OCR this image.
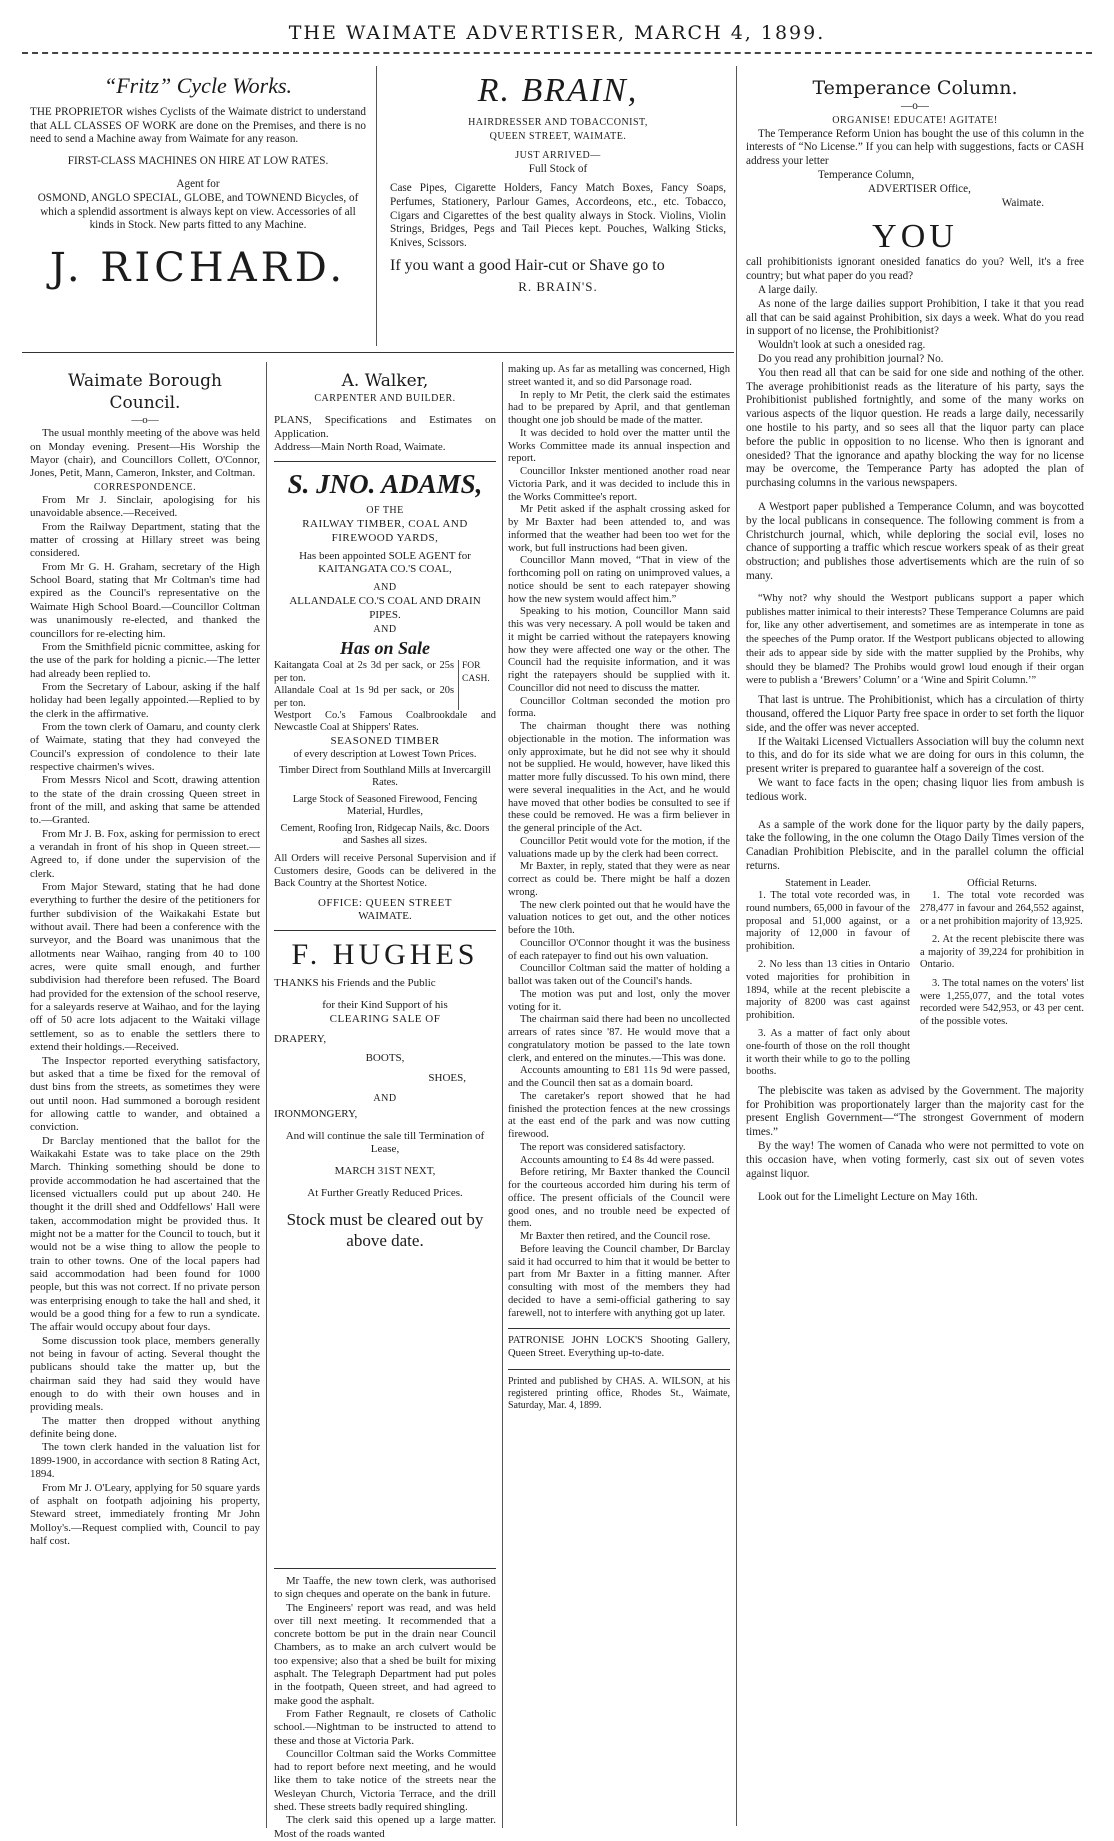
THE WAIMATE ADVERTISER, MARCH 4, 1899.
“Fritz” Cycle Works.

THE PROPRIETOR wishes Cyclists of the Waimate district to understand that ALL CLASSES OF WORK are done on the Premises, and there is no need to send a Machine away from Waimate for any reason.

FIRST-CLASS MACHINES ON HIRE AT LOW RATES.

Agent for

OSMOND, ANGLO SPECIAL, GLOBE, and TOWNEND Bicycles, of which a splendid assortment is always kept on view. Accessories of all kinds in Stock. New parts fitted to any Machine.

J. RICHARD.
R. BRAIN,

HAIRDRESSER AND TOBACCONIST,

QUEEN STREET, WAIMATE.

JUST ARRIVED—

Full Stock of

Case Pipes, Cigarette Holders, Fancy Match Boxes, Fancy Soaps, Perfumes, Stationery, Parlour Games, Accordeons, etc., etc. Tobacco, Cigars and Cigarettes of the best quality always in Stock. Violins, Violin Strings, Bridges, Pegs and Tail Pieces kept. Pouches, Walking Sticks, Knives, Scissors.

If you want a good Hair-cut or Shave go to

R. BRAIN'S.

Temperance Column.
—o—

ORGANISE! EDUCATE! AGITATE!

The Temperance Reform Union has bought the use of this column in the interests of “No License.” If you can help with suggestions, facts or CASH address your letter

Temperance Column,

ADVERTISER Office,

Waimate.

YOU

call prohibitionists ignorant onesided fanatics do you? Well, it's a free country; but what paper do you read?

A large daily.

As none of the large dailies support Prohibition, I take it that you read all that can be said against Prohibition, six days a week. What do you read in support of no license, the Prohibitionist?

Wouldn't look at such a onesided rag.

Do you read any prohibition journal? No.

You then read all that can be said for one side and nothing of the other. The average prohibitionist reads as the literature of his party, says the Prohibitionist published fortnightly, and some of the many works on various aspects of the liquor question. He reads a large daily, necessarily one hostile to his party, and so sees all that the liquor party can place before the public in opposition to no license. Who then is ignorant and onesided? That the ignorance and apathy blocking the way for no license may be overcome, the Temperance Party has adopted the plan of purchasing columns in the various newspapers.

A Westport paper published a Temperance Column, and was boycotted by the local publicans in consequence. The following comment is from a Christchurch journal, which, while deploring the social evil, loses no chance of supporting a traffic which rescue workers speak of as their great obstruction; and publishes those advertisements which are the ruin of so many.

“Why not? why should the Westport publicans support a paper which publishes matter inimical to their interests? These Temperance Columns are paid for, like any other advertisement, and sometimes are as intemperate in tone as the speeches of the Pump orator. If the Westport publicans objected to allowing their ads to appear side by side with the matter supplied by the Prohibs, why should they be blamed? The Prohibs would growl loud enough if their organ were to publish a ‘Brewers’ Column’ or a ‘Wine and Spirit Column.’”

That last is untrue. The Prohibitionist, which has a circulation of thirty thousand, offered the Liquor Party free space in order to set forth the liquor side, and the offer was never accepted.

If the Waitaki Licensed Victuallers Association will buy the column next to this, and do for its side what we are doing for ours in this column, the present writer is prepared to guarantee half a sovereign of the cost.

We want to face facts in the open; chasing liquor lies from ambush is tedious work.

As a sample of the work done for the liquor party by the daily papers, take the following, in the one column the Otago Daily Times version of the Canadian Prohibition Plebiscite, and in the parallel column the official returns.

Statement in Leader.

1. The total vote recorded was, in round numbers, 65,000 in favour of the proposal and 51,000 against, or a majority of 12,000 in favour of prohibition.

2. No less than 13 cities in Ontario voted majorities for prohibition in 1894, while at the recent plebiscite a majority of 8200 was cast against prohibition.

3. As a matter of fact only about one-fourth of those on the roll thought it worth their while to go to the polling booths.

Official Returns.

1. The total vote recorded was 278,477 in favour and 264,552 against, or a net prohibition majority of 13,925.

2. At the recent plebiscite there was a majority of 39,224 for prohibition in Ontario.

3. The total names on the voters' list were 1,255,077, and the total votes recorded were 542,953, or 43 per cent. of the possible votes.

The plebiscite was taken as advised by the Government. The majority for Prohibition was proportionately larger than the majority cast for the present English Government—“The strongest Government of modern times.”

By the way! The women of Canada who were not permitted to vote on this occasion have, when voting formerly, cast six out of seven votes against liquor.

Look out for the Limelight Lecture on May 16th.

Waimate Borough Council.
—o—

The usual monthly meeting of the above was held on Monday evening. Present—His Worship the Mayor (chair), and Councillors Collett, O'Connor, Jones, Petit, Mann, Cameron, Inkster, and Coltman.

CORRESPONDENCE.

From Mr J. Sinclair, apologising for his unavoidable absence.—Received.

From the Railway Department, stating that the matter of crossing at Hillary street was being considered.

From Mr G. H. Graham, secretary of the High School Board, stating that Mr Coltman's time had expired as the Council's representative on the Waimate High School Board.—Councillor Coltman was unanimously re-elected, and thanked the councillors for re-electing him.

From the Smithfield picnic committee, asking for the use of the park for holding a picnic.—The letter had already been replied to.

From the Secretary of Labour, asking if the half holiday had been legally appointed.—Replied to by the clerk in the affirmative.

From the town clerk of Oamaru, and county clerk of Waimate, stating that they had conveyed the Council's expression of condolence to their late respective chairmen's wives.

From Messrs Nicol and Scott, drawing attention to the state of the drain crossing Queen street in front of the mill, and asking that same be attended to.—Granted.

From Mr J. B. Fox, asking for permission to erect a verandah in front of his shop in Queen street.—Agreed to, if done under the supervision of the clerk.

From Major Steward, stating that he had done everything to further the desire of the petitioners for further subdivision of the Waikakahi Estate but without avail. There had been a conference with the surveyor, and the Board was unanimous that the allotments near Waihao, ranging from 40 to 100 acres, were quite small enough, and further subdivision had therefore been refused. The Board had provided for the extension of the school reserve, for a saleyards reserve at Waihao, and for the laying off of 50 acre lots adjacent to the Waitaki village settlement, so as to enable the settlers there to extend their holdings.—Received.

The Inspector reported everything satisfactory, but asked that a time be fixed for the removal of dust bins from the streets, as sometimes they were out until noon. Had summoned a borough resident for allowing cattle to wander, and obtained a conviction.

Dr Barclay mentioned that the ballot for the Waikakahi Estate was to take place on the 29th March. Thinking something should be done to provide accommodation he had ascertained that the licensed victuallers could put up about 240. He thought it the drill shed and Oddfellows' Hall were taken, accommodation might be provided thus. It might not be a matter for the Council to touch, but it would not be a wise thing to allow the people to train to other towns. One of the local papers had said accommodation had been found for 1000 people, but this was not correct. If no private person was enterprising enough to take the hall and shed, it would be a good thing for a few to run a syndicate. The affair would occupy about four days.

Some discussion took place, members generally not being in favour of acting. Several thought the publicans should take the matter up, but the chairman said they had said they would have enough to do with their own houses and in providing meals.

The matter then dropped without anything definite being done.

The town clerk handed in the valuation list for 1899-1900, in accordance with section 8 Rating Act, 1894.

From Mr J. O'Leary, applying for 50 square yards of asphalt on footpath adjoining his property, Steward street, immediately fronting Mr John Molloy's.—Request complied with, Council to pay half cost.

A. Walker,

CARPENTER AND BUILDER.

PLANS, Specifications and Estimates on Application.

Address—Main North Road, Waimate.

S. JNO. ADAMS,

OF THE

RAILWAY TIMBER, COAL AND FIREWOOD YARDS,

Has been appointed SOLE AGENT for KAITANGATA CO.'S COAL,

AND

ALLANDALE CO.'S COAL AND DRAIN PIPES.

AND

Has on Sale

Kaitangata Coal at 2s 3d per sack, or 25s per ton.

Allandale Coal at 1s 9d per sack, or 20s per ton.

FOR CASH.

Westport Co.'s Famous Coalbrookdale and Newcastle Coal at Shippers' Rates.

SEASONED TIMBER

of every description at Lowest Town Prices.

Timber Direct from Southland Mills at Invercargill Rates.

Large Stock of Seasoned Firewood, Fencing Material, Hurdles,

Cement, Roofing Iron, Ridgecap Nails, &c. Doors and Sashes all sizes.

All Orders will receive Personal Supervision and if Customers desire, Goods can be delivered in the Back Country at the Shortest Notice.

OFFICE: QUEEN STREET

WAIMATE.

F. HUGHES

THANKS his Friends and the Public

for their Kind Support of his

CLEARING SALE OF

DRAPERY,

BOOTS,

SHOES,

AND

IRONMONGERY,

And will continue the sale till Termination of Lease,

MARCH 31ST NEXT,

At Further Greatly Reduced Prices.

Stock must be cleared out by above date.

Mr Taaffe, the new town clerk, was authorised to sign cheques and operate on the bank in future.

The Engineers' report was read, and was held over till next meeting. It recommended that a concrete bottom be put in the drain near Council Chambers, as to make an arch culvert would be too expensive; also that a shed be built for mixing asphalt. The Telegraph Department had put poles in the footpath, Queen street, and had agreed to make good the asphalt.

From Father Regnault, re closets of Catholic school.—Nightman to be instructed to attend to these and those at Victoria Park.

Councillor Coltman said the Works Committee had to report before next meeting, and he would like them to take notice of the streets near the Wesleyan Church, Victoria Terrace, and the drill shed. These streets badly required shingling.

The clerk said this opened up a large matter. Most of the roads wanted

making up. As far as metalling was concerned, High street wanted it, and so did Parsonage road.

In reply to Mr Petit, the clerk said the estimates had to be prepared by April, and that gentleman thought one job should be made of the matter.

It was decided to hold over the matter until the Works Committee made its annual inspection and report.

Councillor Inkster mentioned another road near Victoria Park, and it was decided to include this in the Works Committee's report.

Mr Petit asked if the asphalt crossing asked for by Mr Baxter had been attended to, and was informed that the weather had been too wet for the work, but full instructions had been given.

Councillor Mann moved, “That in view of the forthcoming poll on rating on unimproved values, a notice should be sent to each ratepayer showing how the new system would affect him.”

Speaking to his motion, Councillor Mann said this was very necessary. A poll would be taken and it might be carried without the ratepayers knowing how they were affected one way or the other. The Council had the requisite information, and it was right the ratepayers should be supplied with it. Councillor did not need to discuss the matter.

Councillor Coltman seconded the motion pro forma.

The chairman thought there was nothing objectionable in the motion. The information was only approximate, but he did not see why it should not be supplied. He would, however, have liked this matter more fully discussed. To his own mind, there were several inequalities in the Act, and he would have moved that other bodies be consulted to see if these could be removed. He was a firm believer in the general principle of the Act.

Councillor Petit would vote for the motion, if the valuations made up by the clerk had been correct.

Mr Baxter, in reply, stated that they were as near correct as could be. There might be half a dozen wrong.

The new clerk pointed out that he would have the valuation notices to get out, and the other notices before the 10th.

Councillor O'Connor thought it was the business of each ratepayer to find out his own valuation.

Councillor Coltman said the matter of holding a ballot was taken out of the Council's hands.

The motion was put and lost, only the mover voting for it.

The chairman said there had been no uncollected arrears of rates since '87. He would move that a congratulatory motion be passed to the late town clerk, and entered on the minutes.—This was done.

Accounts amounting to £81 11s 9d were passed, and the Council then sat as a domain board.

The caretaker's report showed that he had finished the protection fences at the new crossings at the east end of the park and was now cutting firewood.

The report was considered satisfactory.

Accounts amounting to £4 8s 4d were passed.

Before retiring, Mr Baxter thanked the Council for the courteous accorded him during his term of office. The present officials of the Council were good ones, and no trouble need be expected of them.

Mr Baxter then retired, and the Council rose.

Before leaving the Council chamber, Dr Barclay said it had occurred to him that it would be better to part from Mr Baxter in a fitting manner. After consulting with most of the members they had decided to have a semi-official gathering to say farewell, not to interfere with anything got up later.

PATRONISE JOHN LOCK'S Shooting Gallery, Queen Street. Everything up-to-date.

Printed and published by CHAS. A. WILSON, at his registered printing office, Rhodes St., Waimate, Saturday, Mar. 4, 1899.
